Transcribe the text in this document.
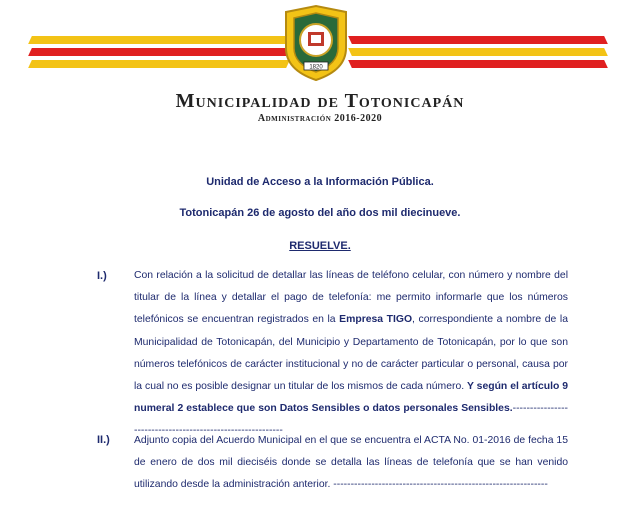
1820
Municipalidad de Totonicapán
Administración 2016-2020
Unidad de Acceso a la Información Pública.
Totonicapán 26 de agosto del año dos mil diecinueve.
RESUELVE.
I.)	Con relación a la solicitud de detallar las líneas de teléfono celular, con número y nombre del titular de la línea y detallar el pago de telefonía: me permito informarle que los números telefónicos se encuentran registrados en la Empresa TIGO, correspondiente a nombre de la Municipalidad de Totonicapán, del Municipio y Departamento de Totonicapán, por lo que son números telefónicos de carácter institucional y no de carácter particular o personal, causa por la cual no es posible designar un titular de los mismos de cada número. Y según el artículo 9 numeral 2 establece que son Datos Sensibles o datos personales Sensibles.-----------------------------------------------------------
II.) Adjunto copia del Acuerdo Municipal en el que se encuentra el ACTA No. 01-2016 de fecha 15 de enero de dos mil dieciséis donde se detalla las líneas de telefonía que se han venido utilizando desde la administración anterior. --------------------------------------------------------------
